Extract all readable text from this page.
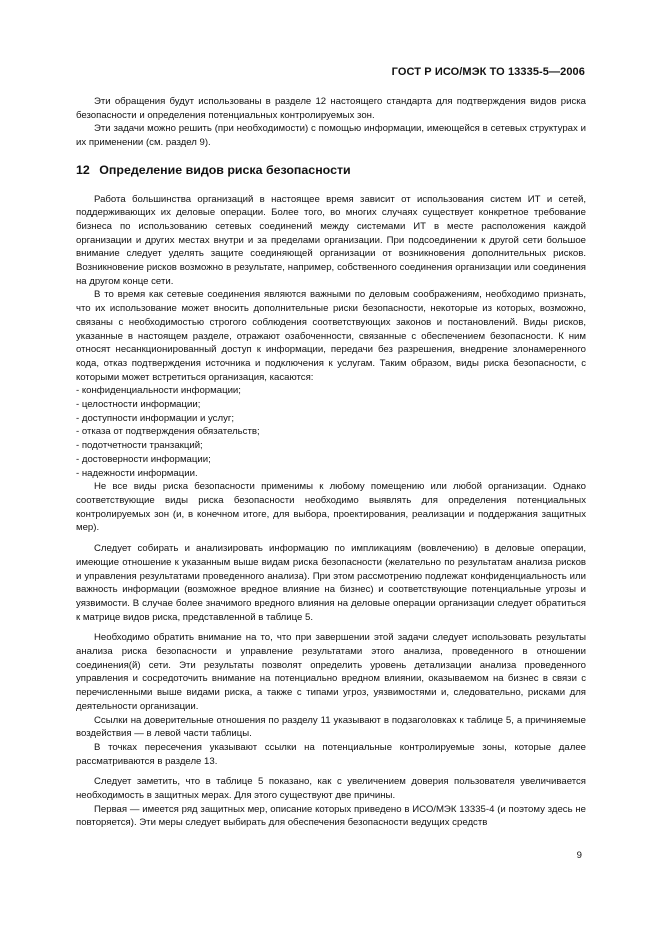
ГОСТ Р ИСО/МЭК ТО 13335-5—2006

Эти обращения будут использованы в разделе 12 настоящего стандарта для подтверждения видов риска безопасности и определения потенциальных контролируемых зон.

Эти задачи можно решить (при необходимости) с помощью информации, имеющейся в сетевых структурах и их применении (см. раздел 9).

12 Определение видов риска безопасности

Работа большинства организаций в настоящее время зависит от использования систем ИТ и сетей, поддерживающих их деловые операции. Более того, во многих случаях существует конкретное требование бизнеса по использованию сетевых соединений между системами ИТ в месте расположения каждой организации и других местах внутри и за пределами организации. При подсоединении к другой сети большое внимание следует уделять защите соединяющей организации от возникновения дополнительных рисков. Возникновение рисков возможно в результате, например, собственного соединения организации или соединения на другом конце сети.

В то время как сетевые соединения являются важными по деловым соображениям, необходимо признать, что их использование может вносить дополнительные риски безопасности, некоторые из которых, возможно, связаны с необходимостью строгого соблюдения соответствующих законов и постановлений. Виды рисков, указанные в настоящем разделе, отражают озабоченности, связанные с обеспечением безопасности. К ним относят несанкционированный доступ к информации, передачи без разрешения, внедрение злонамеренного кода, отказ подтверждения источника и подключения к услугам. Таким образом, виды риска безопасности, с которыми может встретиться организация, касаются:

- конфиденциальности информации;
- целостности информации;
- доступности информации и услуг;
- отказа от подтверждения обязательств;
- подотчетности транзакций;
- достоверности информации;
- надежности информации.

Не все виды риска безопасности применимы к любому помещению или любой организации. Однако соответствующие виды риска безопасности необходимо выявлять для определения потенциальных контролируемых зон (и, в конечном итоге, для выбора, проектирования, реализации и поддержания защитных мер).

Следует собирать и анализировать информацию по импликациям (вовлечению) в деловые операции, имеющие отношение к указанным выше видам риска безопасности (желательно по результатам анализа рисков и управления результатами проведенного анализа). При этом рассмотрению подлежат конфиденциальность или важность информации (возможное вредное влияние на бизнес) и соответствующие потенциальные угрозы и уязвимости. В случае более значимого вредного влияния на деловые операции организации следует обратиться к матрице видов риска, представленной в таблице 5.

Необходимо обратить внимание на то, что при завершении этой задачи следует использовать результаты анализа риска безопасности и управление результатами этого анализа, проведенного в отношении соединения(й) сети. Эти результаты позволят определить уровень детализации анализа проведенного управления и сосредоточить внимание на потенциально вредном влиянии, оказываемом на бизнес в связи с перечисленными выше видами риска, а также с типами угроз, уязвимостями и, следовательно, рисками для деятельности организации.

Ссылки на доверительные отношения по разделу 11 указывают в подзаголовках к таблице 5, а причиняемые воздействия — в левой части таблицы.

В точках пересечения указывают ссылки на потенциальные контролируемые зоны, которые далее рассматриваются в разделе 13.

Следует заметить, что в таблице 5 показано, как с увеличением доверия пользователя увеличивается необходимость в защитных мерах. Для этого существуют две причины.

Первая — имеется ряд защитных мер, описание которых приведено в ИСО/МЭК 13335-4 (и поэтому здесь не повторяется). Эти меры следует выбирать для обеспечения безопасности ведущих средств

9
